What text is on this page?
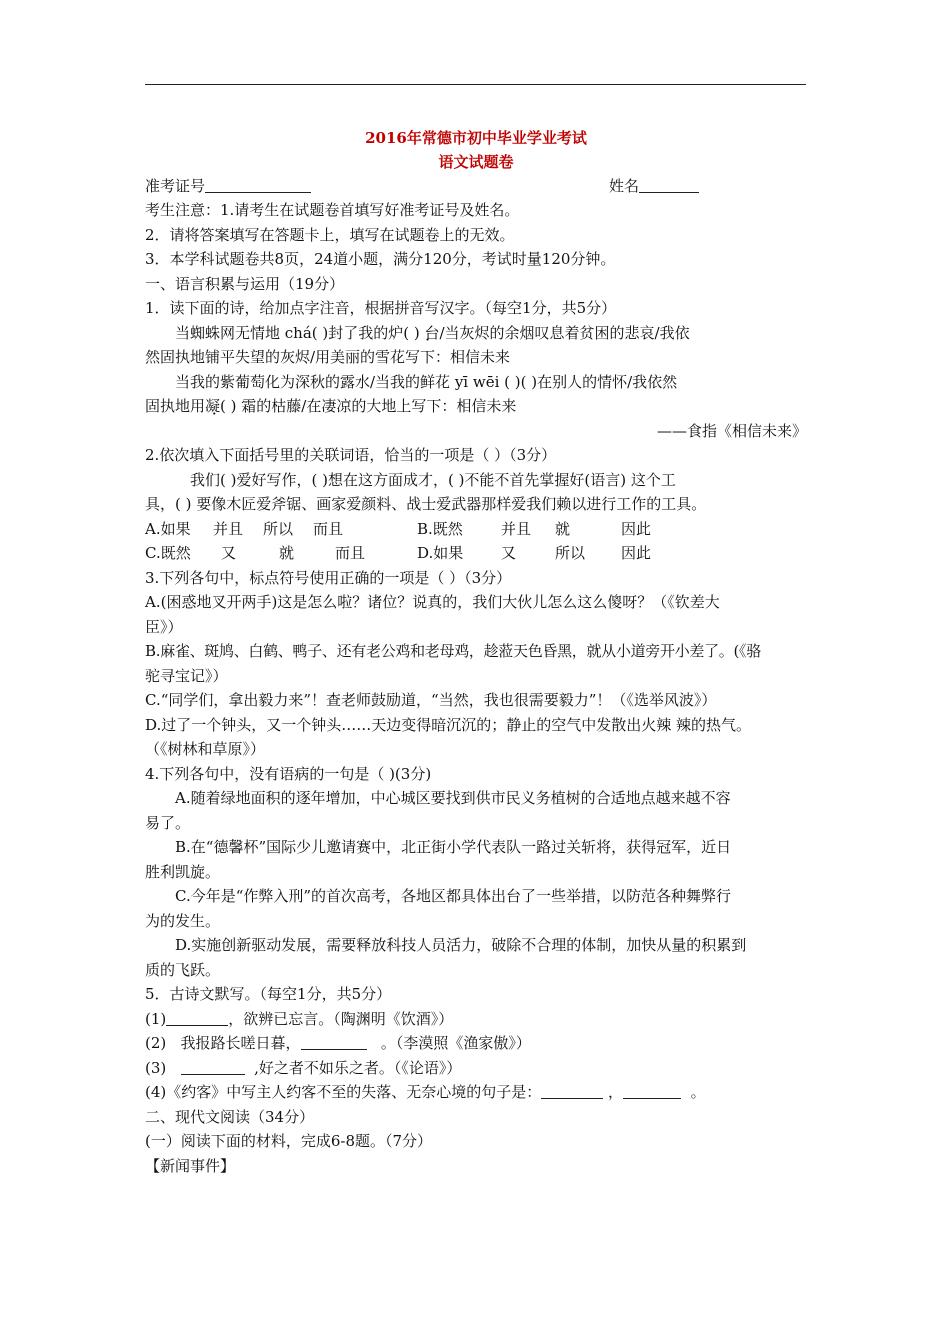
2016年常德市初中毕业学业考试
语文试题卷
准考证号	姓名
考生注意：1.请考生在试题卷首填写好准考证号及姓名。
2．请将答案填写在答题卡上，填写在试题卷上的无效。
3．本学科试题卷共8页，24道小题，满分120分，考试时量120分钟。
一、语言积累与运用（19分）
1．读下面的诗，给加点字注音，根据拼音写汉字。（每空1分，共5分）
当蜘蛛网无情地 chá( )封了我的炉 ·( ) 台/当灰烬的余烟叹息着贫困的悲哀/我依
然固执地铺平失望的灰烬/用美丽的雪花写下：相信未来
当我的紫葡萄化为深秋的露水/当我的鲜花 yī wēi ( )( )在别人的情怀/我依然
固执地用凝( ) 霜的枯藤/在凄凉的大地上写下：相信未来
——食指《相信未来》
2.依次填入下面括号里的关联词语，恰当的一项是（ ）（3分）
我们( )爱好写作，( )想在这方面成才，( )不能不首先掌握好(语言) 这个工
具，( ) 要像木匠爱斧锯、画家爱颜料、战士爱武器那样爱我们赖以进行工作的工具。
A.如果	并且	所以	而且	B.既然	并且	就	因此
C.既然	又	就	而且	D.如果	又	所以	因此
3.下列各句中，标点符号使用正确的一项是（ ）（3分）
A.(困惑地叉开两手)这是怎么啦？诸位？说真的，我们大伙儿怎么这么傻呀？（《钦差大
臣》）
B.麻雀、斑鸠、白鹤、鸭子、还有老公鸡和老母鸡，趁蒞天色昏黑，就从小道旁开小差了。(《骆
驼寻宝记》）
C.“同学们，拿出毅力来”！查老师鼓励道，“当然，我也很需要毅力”！（《选举风波》）
D.过了一个钟头，又一个钟头……天边变得暗沉沉的；静止的空气中发散出火辣 辣的热气。
（《树林和草原》）
4.下列各句中，没有语病的一句是（ )(3分)
A.随着绿地面积的逐年增加，中心城区要找到供市民义务植树的合适地点越来越不容
易了。
B.在“德馨杯”国际少儿邀请赛中，北正街小学代表队一路过关斩将，获得冠军，近日
胜利凯旋。
C.今年是“作弊入刑”的首次高考，各地区都具体出台了一些举措，以防范各种舞弊行
为的发生。
D.实施创新驱动发展，需要释放科技人员活力，破除不合理的体制，加快从量的积累到
质的飞跃。
5．古诗文默写。（每空1分，共5分）
(1)	，欲辨已忘言。（陶渊明《饮酒》）
(2)   我报路长嗟日暮，	。（李漠照《渔家傲》）
(3)	,好之者不如乐之者。（《论语》）
(4)《约客》中写主人约客不至的失落、无奈心境的句子是：	，	。
二、现代文阅读（34分）
(一）阅读下面的材料，完成6-8题。（7分）
【新闻事件】
